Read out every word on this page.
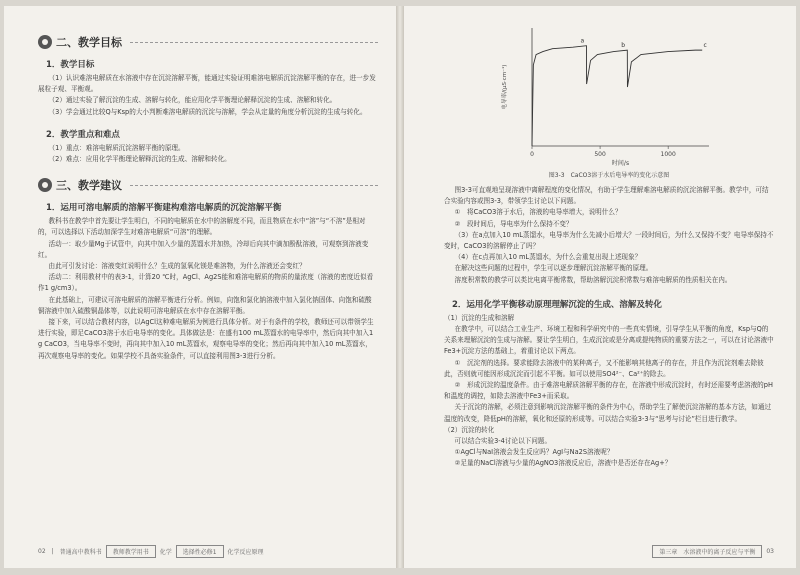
二、教学目标
1．教学目标
（1）认识难溶电解质在水溶液中存在沉淀溶解平衡，能通过实验证明难溶电解质沉淀溶解平衡的存在，进一步发展粒子观、平衡观。
（2）通过实验了解沉淀的生成、溶解与转化，能应用化学平衡理论解释沉淀的生成、溶解和转化。
（3）学会通过比较Q与Ksp的大小判断难溶电解质的沉淀与溶解，学会从定量的角度分析沉淀的生成与转化。
2．教学重点和难点
（1）重点：难溶电解质沉淀溶解平衡的原理。
（2）难点：应用化学平衡理论解释沉淀的生成、溶解和转化。
三、教学建议
1．运用可溶电解质的溶解平衡建构难溶电解质的沉淀溶解平衡
教科书在教学中首先要让学生明白，不同的电解质在水中的溶解度不同，而且物质在水中“溶”与“不溶”是相对的，可以选择以下活动加深学生对难溶电解质“可溶”的理解。
活动一：取少量Mg于试管中，向其中加入少量的蒸馏水并加热，冷却后向其中滴加酚酞溶液，可观察到溶液变红。
由此可引发讨论：溶液变红说明什么？生成的氢氧化镁是难溶物，为什么溶液还会变红？
活动二：利用教材中的表3-1，计算20 ℃时，AgCl、Ag2S能和难溶电解质的物质的量浓度（溶液的密度近似看作1 g/cm3）。
在此基础上，可建议可溶电解质的溶解平衡进行分析。例如，向饱和氯化钠溶液中加入氯化钠固体、向饱和硫酸铜溶液中加入硫酸铜晶体等，以此说明可溶电解质在水中存在溶解平衡。
接下来，可以结合教材内容，以AgCl这种难电解质为例进行具体分析。对于有条件的学校，教师还可以带领学生进行实验，即足CaCO3溶于水后电导率的变化。具体做法是：在盛有100 mL蒸馏水的电导率中，然后向其中加入1 g CaCO3，当电导率不变时，再向其中加入10 mL蒸馏水，观察电导率的变化；然后再向其中加入10 mL蒸馏水，再次观察电导率的变化。如果学校不具备实验条件，可以直接利用图3-3进行分析。
02 | 普通高中教科书	教师教学用书	化学	选择性必修1	化学反应原理
0	500	1000
电导率/(μS·cm⁻¹)
时间/s
a
b	c
图3-3　CaCO3溶于水后电导率的变化示意图
图3-3可直观地呈现溶液中离解程度的变化情况，有助于学生理解难溶电解质的沉淀溶解平衡。教学中，可结合实验内容或图3-3，带领学生讨论以下问题。
①　将CaCO3溶于水后，溶液的电导率增大，说明什么？
②　段时间后，导电率为什么保持不变？
（3）在a点加入10 mL蒸馏水，电导率为什么先减小后增大？一段时间后，为什么又保持不变？电导率保持不变时，CaCO3的溶解停止了吗？
（4）在c点再加入10 mL蒸馏水，为什么会重复出现上述现象？
在解决这些问题的过程中，学生可以逐步理解沉淀溶解平衡的原理。
溶度积常数的教学可以类比电离平衡常数，帮助溶解沉淀积常数与难溶电解质的性质相关在内。
2．运用化学平衡移动原理理解沉淀的生成、溶解及转化
（1）沉淀的生成和溶解
在教学中，可以结合工业生产、环境工程和科学研究中的一些真实情境，引导学生从平衡的角度，Ksp与Q的关系来理解沉淀的生成与溶解。要让学生明白，生成沉淀或是分离或提纯物质的重要方法之一，可以在讨论溶液中Fe3+沉淀方法的基础上，着重讨论以下两点。
①　沉淀剂的选择。要求能除去溶液中的某种离子，又不能影响其他离子的存在，并且作为沉淀剂难去除彼此，否则就可能因形成沉淀而引起不平衡。如可以使用SO4²⁻、Ca²⁺的除去。
②　形成沉淀的温度条件。由于难溶电解质溶解平衡的存在，在溶液中形成沉淀时，有时还需要考虑溶液的pH和温度的调控，如除去溶液中Fe3+而采取。
关于沉淀的溶解，必须注意到影响沉淀溶解平衡的条件为中心，帮助学生了解使沉淀溶解的基本方法，如通过温度的改变，降低pH的溶解，氧化和还原的形成等。可以结合实验3-3与“思考与讨论”栏目进行教学。
（2）沉淀的转化
可以结合实验3-4讨论以下问题。
①AgCl与NaI溶液会发生反应吗？AgI与Na2S溶液呢？
②足量的NaCl溶液与少量的AgNO3溶液反应后，溶液中是否还存在Ag+？
第三章　水溶液中的离子反应与平衡	03
